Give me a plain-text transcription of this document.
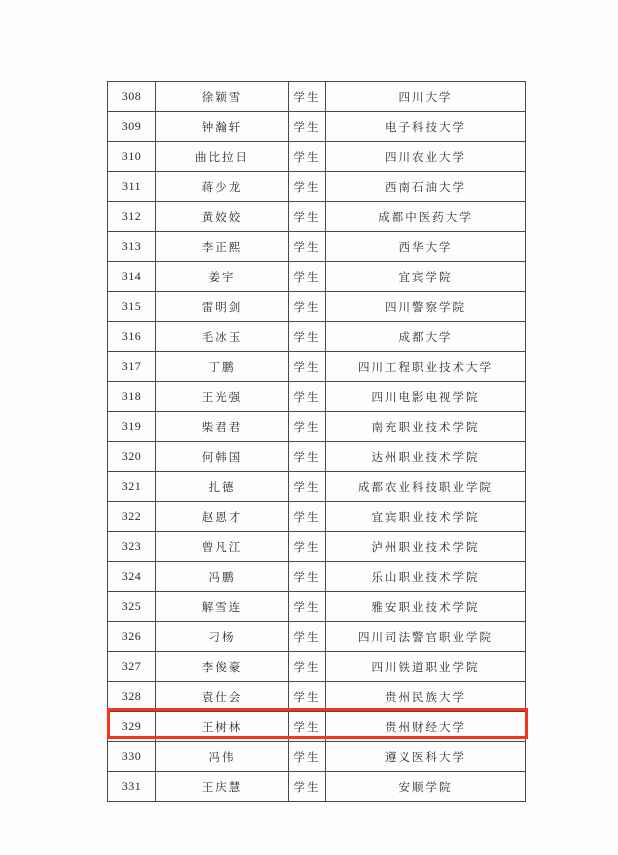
308	徐颖雪	学生	四川大学
309	钟瀚轩	学生	电子科技大学
310	曲比拉日	学生	四川农业大学
311	蒋少龙	学生	西南石油大学
312	黄姣姣	学生	成都中医药大学
313	李正熙	学生	西华大学
314	姜宇	学生	宜宾学院
315	雷明剑	学生	四川警察学院
316	毛冰玉	学生	成都大学
317	丁鹏	学生	四川工程职业技术大学
318	王光强	学生	四川电影电视学院
319	柴君君	学生	南充职业技术学院
320	何韩国	学生	达州职业技术学院
321	扎德	学生	成都农业科技职业学院
322	赵恩才	学生	宜宾职业技术学院
323	曾凡江	学生	泸州职业技术学院
324	冯鹏	学生	乐山职业技术学院
325	解雪连	学生	雅安职业技术学院
326	刁杨	学生	四川司法警官职业学院
327	李俊豪	学生	四川铁道职业学院
328	袁仕会	学生	贵州民族大学
329	王树林	学生	贵州财经大学
330	冯伟	学生	遵义医科大学
331	王庆慧	学生	安顺学院
